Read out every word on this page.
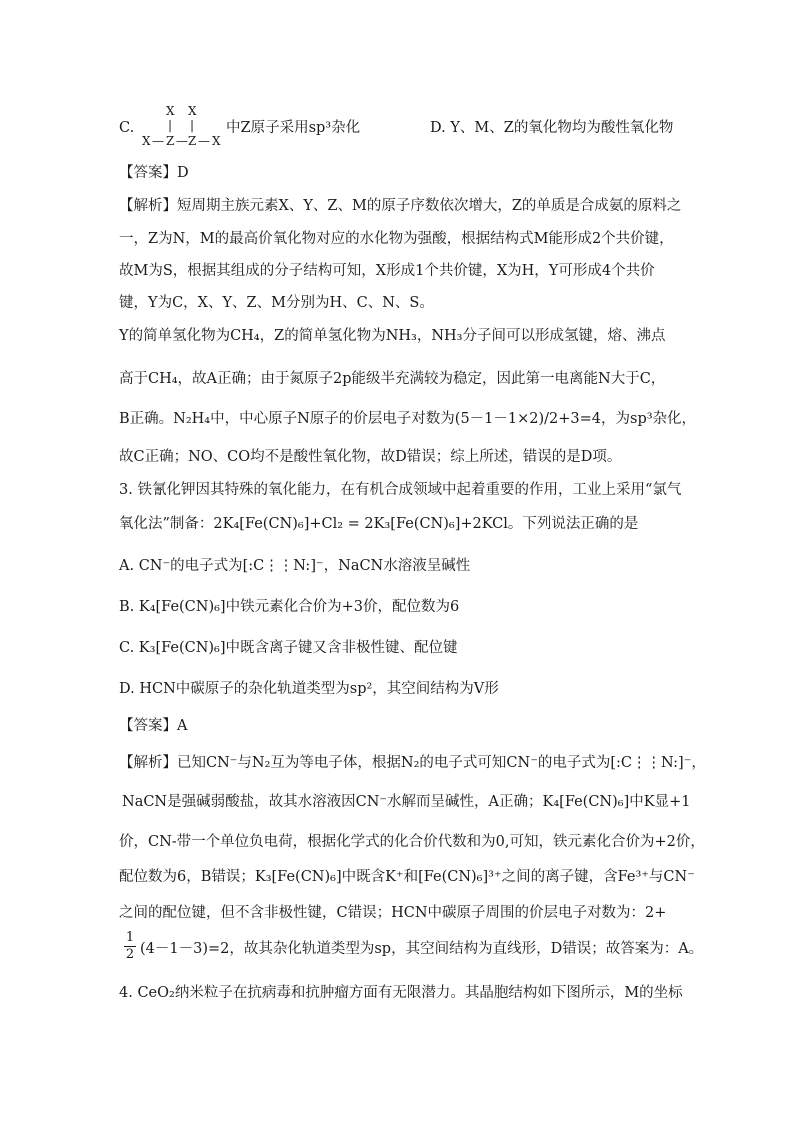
C.
X X
| |
X — Z — Z — X
中Z原子采用sp³杂化	D. Y、M、Z的氧化物均为酸性氧化物
【答案】D
【解析】短周期主族元素X、Y、Z、M的原子序数依次增大，Z的单质是合成氨的原料之
一，Z为N，M的最高价氧化物对应的水化物为强酸，根据结构式M能形成2个共价键，
故M为S，根据其组成的分子结构可知，X形成1个共价键，X为H，Y可形成4个共价
键，Y为C，X、Y、Z、M分别为H、C、N、S。
Y的简单氢化物为CH₄，Z的简单氢化物为NH₃，NH₃分子间可以形成氢键，熔、沸点
高于CH₄，故A正确；由于氮原子2p能级半充满较为稳定，因此第一电离能N大于C，
B正确。N₂H₄中，中心原子N原子的价层电子对数为(5－1－1×2)/2+3=4，为sp³杂化，
故C正确；NO、CO均不是酸性氧化物，故D错误；综上所述，错误的是D项。
3. 铁氰化钾因其特殊的氧化能力，在有机合成领域中起着重要的作用，工业上采用“氯气
氧化法”制备：2K₄[Fe(CN)₆]+Cl₂ = 2K₃[Fe(CN)₆]+2KCl。下列说法正确的是
A. CN⁻的电子式为[:C⋮⋮N:]⁻，NaCN水溶液呈碱性
B. K₄[Fe(CN)₆]中铁元素化合价为+3价，配位数为6
C. K₃[Fe(CN)₆]中既含离子键又含非极性键、配位键
D. HCN中碳原子的杂化轨道类型为sp²，其空间结构为V形
【答案】A
【解析】已知CN⁻与N₂互为等电子体，根据N₂的电子式可知CN⁻的电子式为[:C⋮⋮N:]⁻，
NaCN是强碱弱酸盐，故其水溶液因CN⁻水解而呈碱性，A正确；K₄[Fe(CN)₆]中K显+1
价，CN-带一个单位负电荷，根据化学式的化合价代数和为0,可知，铁元素化合价为+2价，
配位数为6，B错误；K₃[Fe(CN)₆]中既含K⁺和[Fe(CN)₆]³⁺之间的离子键，含Fe³⁺与CN⁻
之间的配位键，但不含非极性键，C错误；HCN中碳原子周围的价层电子对数为：2+
1
2 (4－1－3)=2，故其杂化轨道类型为sp，其空间结构为直线形，D错误；故答案为：A。
4. CeO₂纳米粒子在抗病毒和抗肿瘤方面有无限潜力。其晶胞结构如下图所示，M的坐标
